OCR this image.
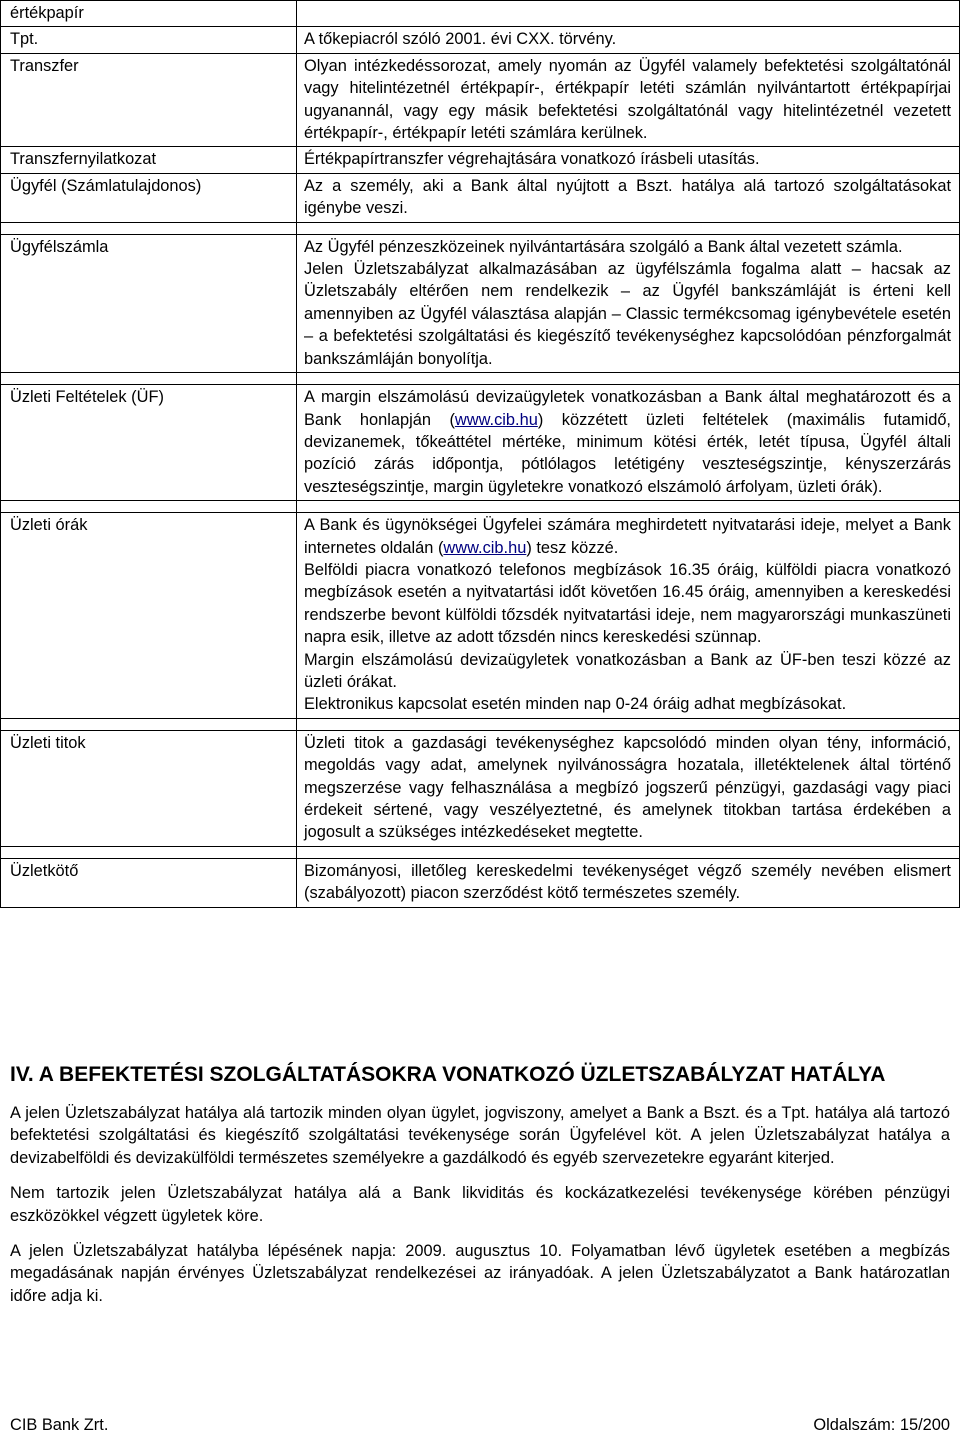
értékpapír	

Tpt.	A tőkepiacról szóló 2001. évi CXX. törvény.

Transzfer	Olyan intézkedéssorozat, amely nyomán az Ügyfél valamely befektetési szolgáltatónál vagy hitelintézetnél értékpapír-, értékpapír letéti számlán nyilvántartott értékpapírjai ugyanannál, vagy egy másik befektetési szolgáltatónál vagy hitelintézetnél vezetett értékpapír-, értékpapír letéti számlára kerülnek.

Transzfernyilatkozat	Értékpapírtranszfer végrehajtására vonatkozó írásbeli utasítás.

Ügyfél (Számlatulajdonos)	Az a személy, aki a Bank által nyújtott a Bszt. hatálya alá tartozó szolgáltatásokat igénybe veszi.

Ügyfélszámla	Az Ügyfél pénzeszközeinek nyilvántartására szolgáló a Bank által vezetett számla.

Jelen Üzletszabályzat alkalmazásában az ügyfélszámla fogalma alatt – hacsak az Üzletszabály eltérően nem rendelkezik – az Ügyfél bankszámláját is érteni kell amennyiben az Ügyfél választása alapján – Classic termékcsomag igénybevétele esetén – a befektetési szolgáltatási és kiegészítő tevékenységhez kapcsolódóan pénzforgalmát bankszámláján bonyolítja.

Üzleti Feltételek (ÜF)	A margin elszámolású devizaügyletek vonatkozásban a Bank által meghatározott és a Bank honlapján (www.cib.hu) közzétett üzleti feltételek (maximális futamidő, devizanemek, tőkeáttétel mértéke, minimum kötési érték, letét típusa, Ügyfél általi pozíció zárás időpontja, pótlólagos letétigény veszteségszintje, kényszerzárás veszteségszintje, margin ügyletekre vonatkozó elszámoló árfolyam, üzleti órák).

Üzleti órák	A Bank és ügynökségei Ügyfelei számára meghirdetett nyitvatarási ideje, melyet a Bank internetes oldalán (www.cib.hu) tesz közzé.

Belföldi piacra vonatkozó telefonos megbízások 16.35 óráig, külföldi piacra vonatkozó megbízások esetén a nyitvatartási időt követően 16.45 óráig, amennyiben a kereskedési rendszerbe bevont külföldi tőzsdék nyitvatartási ideje, nem magyarországi munkaszüneti napra esik, illetve az adott tőzsdén nincs kereskedési szünnap.

Margin elszámolású devizaügyletek vonatkozásban a Bank az ÜF-ben teszi közzé az üzleti órákat.

Elektronikus kapcsolat esetén minden nap 0-24 óráig adhat megbízásokat.

Üzleti titok	Üzleti titok a gazdasági tevékenységhez kapcsolódó minden olyan tény, információ, megoldás vagy adat, amelynek nyilvánosságra hozatala, illetéktelenek által történő megszerzése vagy felhasználása a megbízó jogszerű pénzügyi, gazdasági vagy piaci érdekeit sértené, vagy veszélyeztetné, és amelynek titokban tartása érdekében a jogosult a szükséges intézkedéseket megtette.

Üzletkötő	Bizományosi, illetőleg kereskedelmi tevékenységet végző személy nevében elismert (szabályozott) piacon szerződést kötő természetes személy.

IV. A BEFEKTETÉSI SZOLGÁLTATÁSOKRA VONATKOZÓ ÜZLETSZABÁLYZAT HATÁLYA

A jelen Üzletszabályzat hatálya alá tartozik minden olyan ügylet, jogviszony, amelyet a Bank a Bszt. és a Tpt. hatálya alá tartozó befektetési szolgáltatási és kiegészítő szolgáltatási tevékenysége során Ügyfelével köt. A jelen Üzletszabályzat hatálya a devizabelföldi és devizakülföldi természetes személyekre a gazdálkodó és egyéb szervezetekre egyaránt kiterjed.

Nem tartozik jelen Üzletszabályzat hatálya alá a Bank likviditás és kockázatkezelési tevékenysége körében pénzügyi eszközökkel végzett ügyletek köre.

A jelen Üzletszabályzat hatályba lépésének napja: 2009. augusztus 10. Folyamatban lévő ügyletek esetében a megbízás megadásának napján érvényes Üzletszabályzat rendelkezései az irányadóak. A jelen Üzletszabályzatot a Bank határozatlan időre adja ki.

CIB Bank Zrt.	Oldalszám: 15/200
